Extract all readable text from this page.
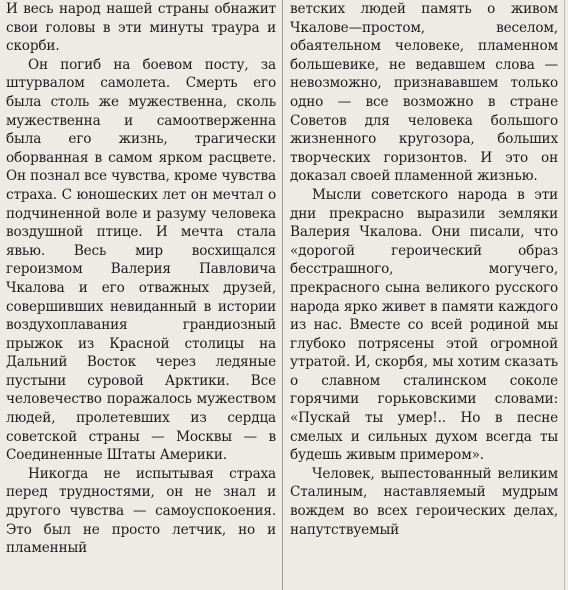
И весь народ нашей страны обнажит свои головы в эти минуты траура и скорби.

Он погиб на боевом посту, за штурвалом самолета. Смерть его была столь же мужественна, сколь мужественна и самоотверженна была его жизнь, трагически оборванная в самом ярком расцвете. Он познал все чувства, кроме чувства страха. С юношеских лет он мечтал о подчиненной воле и разуму человека воздушной птице. И мечта стала явью. Весь мир восхищался героизмом Валерия Павловича Чкалова и его отважных друзей, совершивших невиданный в истории воздухоплавания грандиозный прыжок из Красной столицы на Дальний Восток через ледяные пустыни суровой Арктики. Все человечество поражалось мужеством людей, пролетевших из сердца советской страны — Москвы — в Соединенные Штаты Америки.

Никогда не испытывая страха перед трудностями, он не знал и другого чувства — самоуспокоения. Это был не просто летчик, но и пламенный

ветских людей память о живом Чкалове—простом, веселом, обаятельном человеке, пламенном большевике, не ведавшем слова — невозможно, признававшем только одно — все возможно в стране Советов для человека большого жизненного кругозора, больших творческих горизонтов. И это он доказал своей пламенной жизнью.

Мысли советского народа в эти дни прекрасно выразили земляки Валерия Чкалова. Они писали, что «дорогой героический образ бесстрашного, могучего, прекрасного сына великого русского народа ярко живет в памяти каждого из нас. Вместе со всей родиной мы глубоко потрясены этой огромной утратой. И, скорбя, мы хотим сказать о славном сталинском соколе горячими горьковскими словами: «Пускай ты умер!.. Но в песне смелых и сильных духом всегда ты будешь живым примером».

Человек, выпестованный великим Сталиным, наставляемый мудрым вождем во всех героических делах, напутствуемый
